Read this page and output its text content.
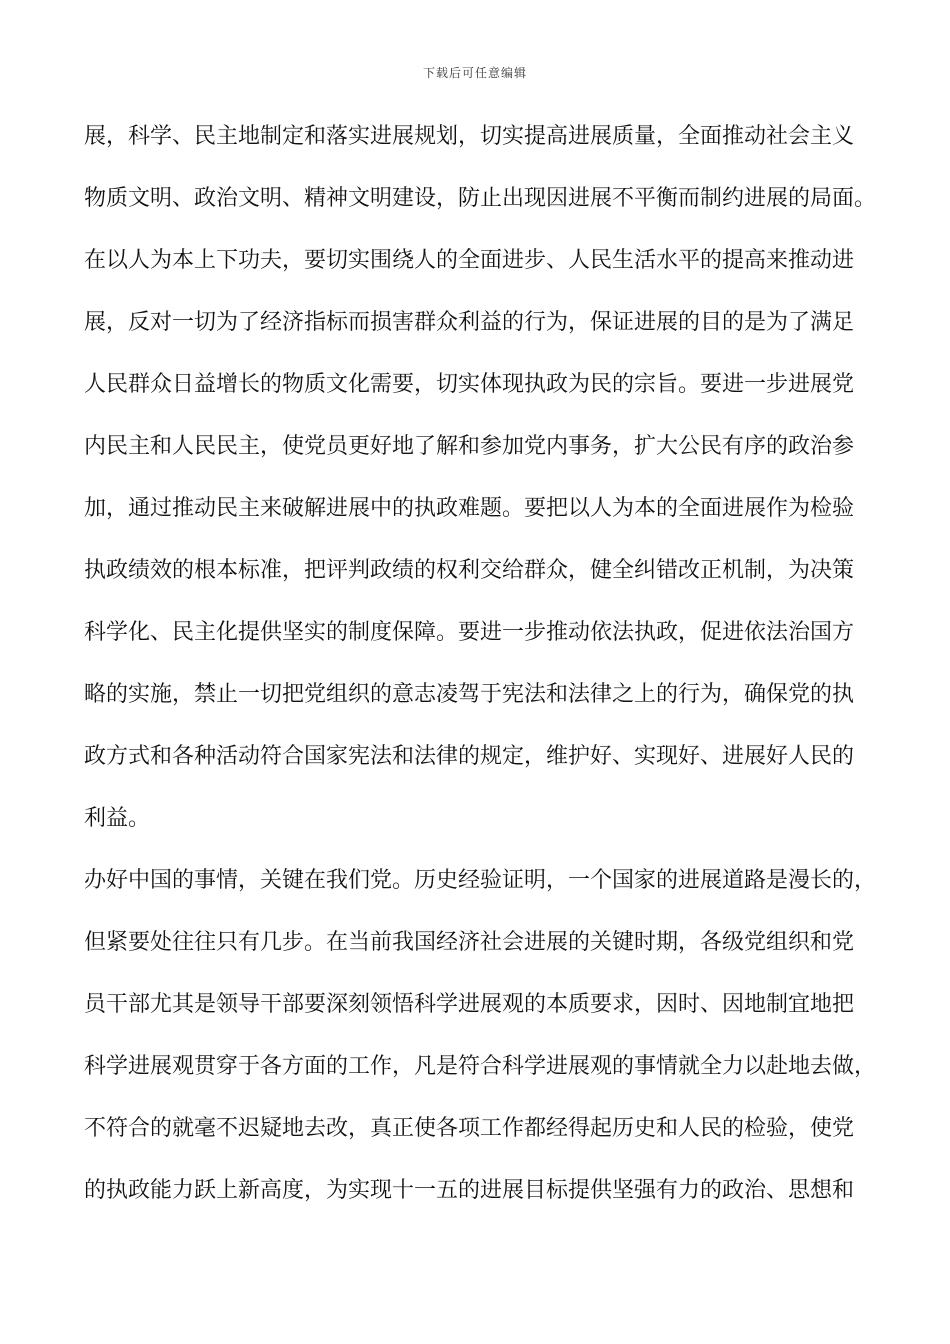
下载后可任意编辑
展，科学、民主地制定和落实进展规划，切实提高进展质量，全面推动社会主义
物质文明、政治文明、精神文明建设，防止出现因进展不平衡而制约进展的局面。
在以人为本上下功夫，要切实围绕人的全面进步、人民生活水平的提高来推动进
展，反对一切为了经济指标而损害群众利益的行为，保证进展的目的是为了满足
人民群众日益增长的物质文化需要，切实体现执政为民的宗旨。要进一步进展党
内民主和人民民主，使党员更好地了解和参加党内事务，扩大公民有序的政治参
加，通过推动民主来破解进展中的执政难题。要把以人为本的全面进展作为检验
执政绩效的根本标准，把评判政绩的权利交给群众，健全纠错改正机制，为决策
科学化、民主化提供坚实的制度保障。要进一步推动依法执政，促进依法治国方
略的实施，禁止一切把党组织的意志凌驾于宪法和法律之上的行为，确保党的执
政方式和各种活动符合国家宪法和法律的规定，维护好、实现好、进展好人民的
利益。
办好中国的事情，关键在我们党。历史经验证明，一个国家的进展道路是漫长的，
但紧要处往往只有几步。在当前我国经济社会进展的关键时期，各级党组织和党
员干部尤其是领导干部要深刻领悟科学进展观的本质要求，因时、因地制宜地把
科学进展观贯穿于各方面的工作，凡是符合科学进展观的事情就全力以赴地去做，
不符合的就毫不迟疑地去改，真正使各项工作都经得起历史和人民的检验，使党
的执政能力跃上新高度，为实现十一五的进展目标提供坚强有力的政治、思想和
